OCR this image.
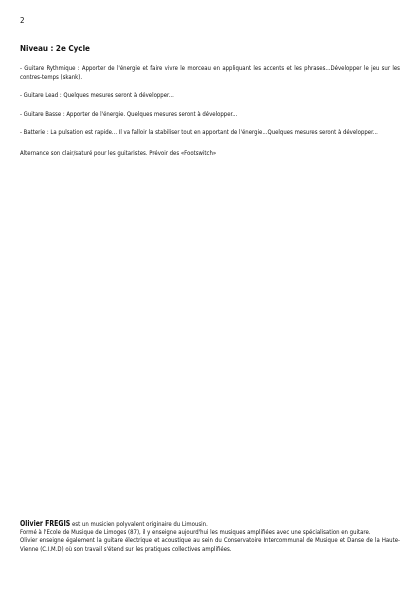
2
Niveau : 2e Cycle

- Guitare Rythmique : Apporter de l'énergie et faire vivre le morceau en appliquant les accents et les phrases...Développer le jeu sur les contres-temps (skank).

- Guitare Lead : Quelques mesures seront à développer...

- Guitare Basse : Apporter de l'énergie. Quelques mesures seront à développer...

- Batterie : La pulsation est rapide... Il va falloir la stabiliser tout en apportant de l'énergie...Quelques mesures seront à développer...

Alternance son clair/saturé pour les guitaristes. Prévoir des «Footswitch»

Olivier FREGIS est un musicien polyvalent originaire du Limousin.

Formé à l'Ecole de Musique de Limoges (87), il y enseigne aujourd'hui les musiques amplifiées avec une spécialisation en guitare.

Olivier enseigne également la guitare électrique et acoustique au sein du Conservatoire Intercommunal de Musique et Danse de la Haute-Vienne (C.I.M.D) où son travail s'étend sur les pratiques collectives amplifiées.
